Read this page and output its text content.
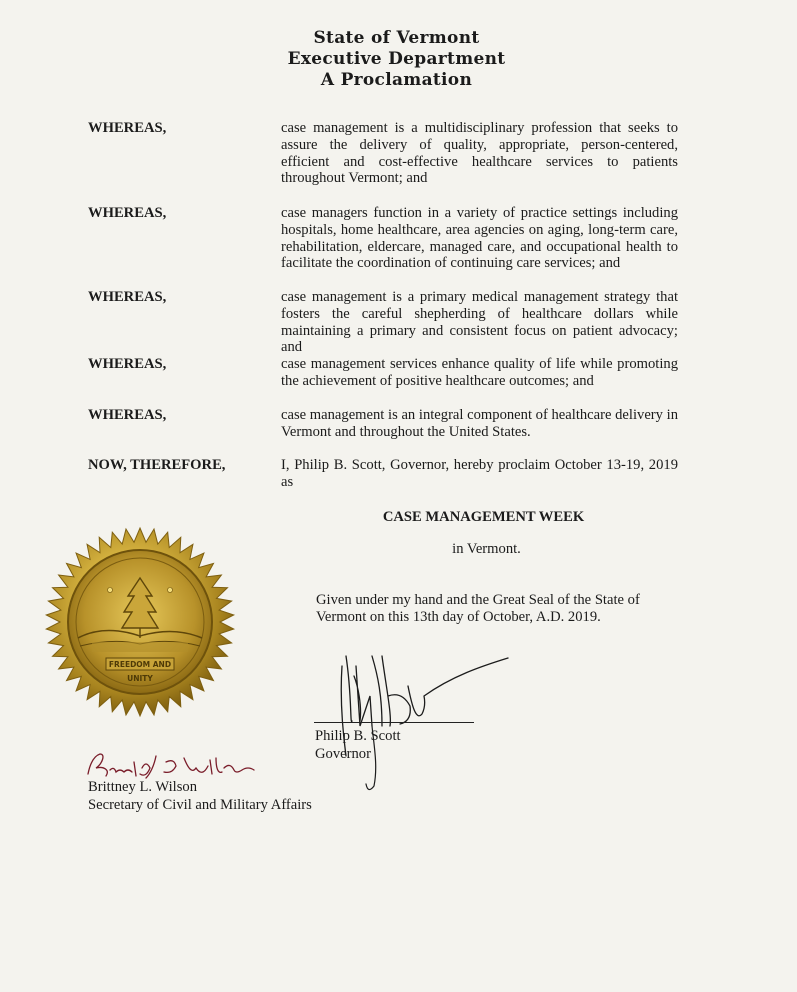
State of Vermont
Executive Department
A Proclamation
WHEREAS,	case management is a multidisciplinary profession that seeks to assure the delivery of quality, appropriate, person-centered, efficient and cost-effective healthcare services to patients throughout Vermont; and
WHEREAS,	case managers function in a variety of practice settings including hospitals, home healthcare, area agencies on aging, long-term care, rehabilitation, eldercare, managed care, and occupational health to facilitate the coordination of continuing care services; and
WHEREAS,	case management is a primary medical management strategy that fosters the careful shepherding of healthcare dollars while maintaining a primary and consistent focus on patient advocacy; and
WHEREAS,	case management services enhance quality of life while promoting the achievement of positive healthcare outcomes; and
WHEREAS,	case management is an integral component of healthcare delivery in Vermont and throughout the United States.
NOW, THEREFORE,	I, Philip B. Scott, Governor, hereby proclaim October 13-19, 2019 as
CASE MANAGEMENT WEEK
in Vermont.
Given under my hand and the Great Seal of the State of Vermont on this 13th day of October, A.D. 2019.
FREEDOM AND
UNITY
Philip B. Scott
Governor
Brittney L. Wilson
Secretary of Civil and Military Affairs
